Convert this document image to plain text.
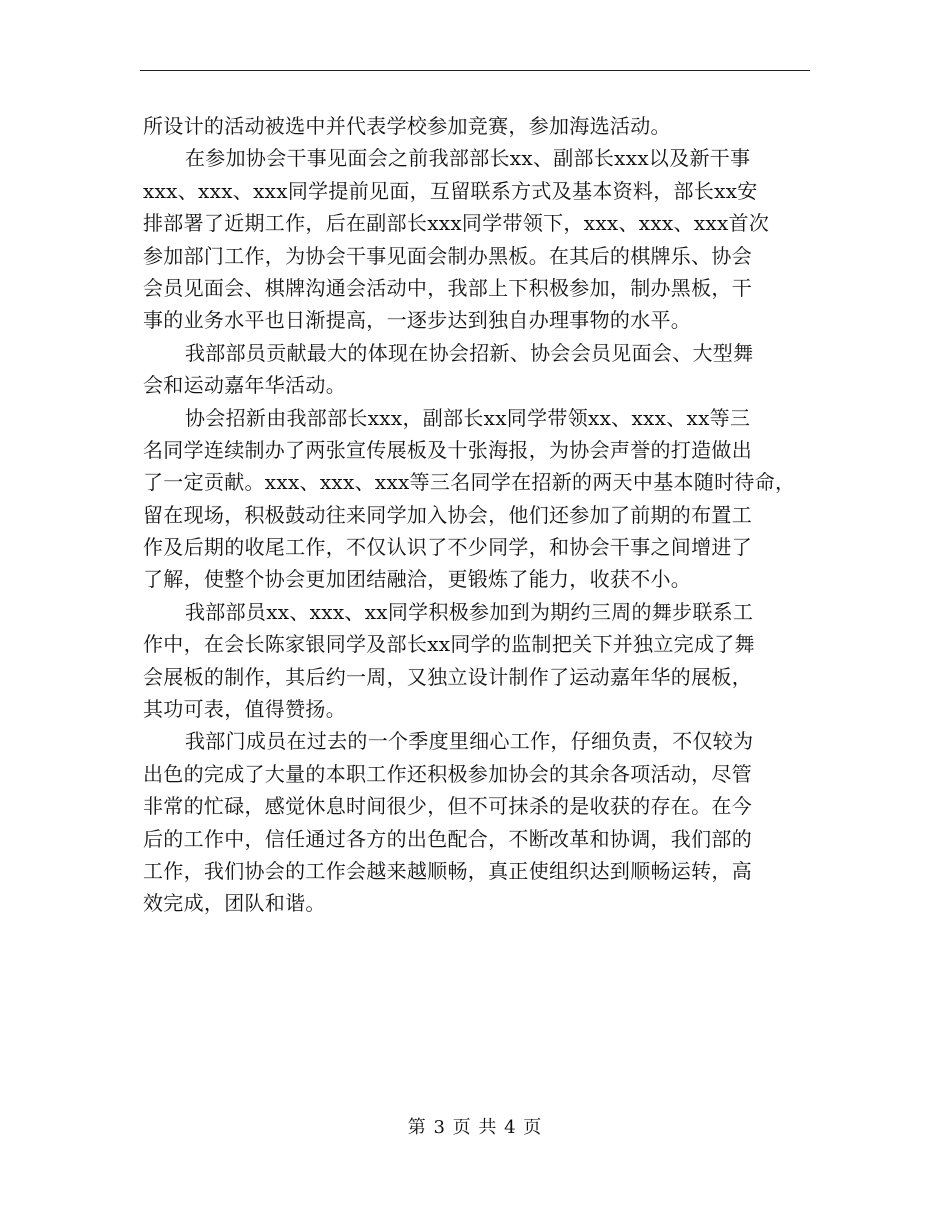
所设计的活动被选中并代表学校参加竞赛，参加海选活动。
在参加协会干事见面会之前我部部长xx、副部长xxx以及新干事
xxx、xxx、xxx同学提前见面，互留联系方式及基本资料，部长xx安
排部署了近期工作，后在副部长xxx同学带领下，xxx、xxx、xxx首次
参加部门工作，为协会干事见面会制办黑板。在其后的棋牌乐、协会
会员见面会、棋牌沟通会活动中，我部上下积极参加，制办黑板，干
事的业务水平也日渐提高，一逐步达到独自办理事物的水平。
我部部员贡献最大的体现在协会招新、协会会员见面会、大型舞
会和运动嘉年华活动。
协会招新由我部部长xxx，副部长xx同学带领xx、xxx、xx等三
名同学连续制办了两张宣传展板及十张海报，为协会声誉的打造做出
了一定贡献。xxx、xxx、xxx等三名同学在招新的两天中基本随时待命，
留在现场，积极鼓动往来同学加入协会，他们还参加了前期的布置工
作及后期的收尾工作，不仅认识了不少同学，和协会干事之间增进了
了解，使整个协会更加团结融洽，更锻炼了能力，收获不小。
我部部员xx、xxx、xx同学积极参加到为期约三周的舞步联系工
作中，在会长陈家银同学及部长xx同学的监制把关下并独立完成了舞
会展板的制作，其后约一周，又独立设计制作了运动嘉年华的展板，
其功可表，值得赞扬。
我部门成员在过去的一个季度里细心工作，仔细负责，不仅较为
出色的完成了大量的本职工作还积极参加协会的其余各项活动，尽管
非常的忙碌，感觉休息时间很少，但不可抹杀的是收获的存在。在今
后的工作中，信任通过各方的出色配合，不断改革和协调，我们部的
工作，我们协会的工作会越来越顺畅，真正使组织达到顺畅运转，高
效完成，团队和谐。
第 3 页 共 4 页
